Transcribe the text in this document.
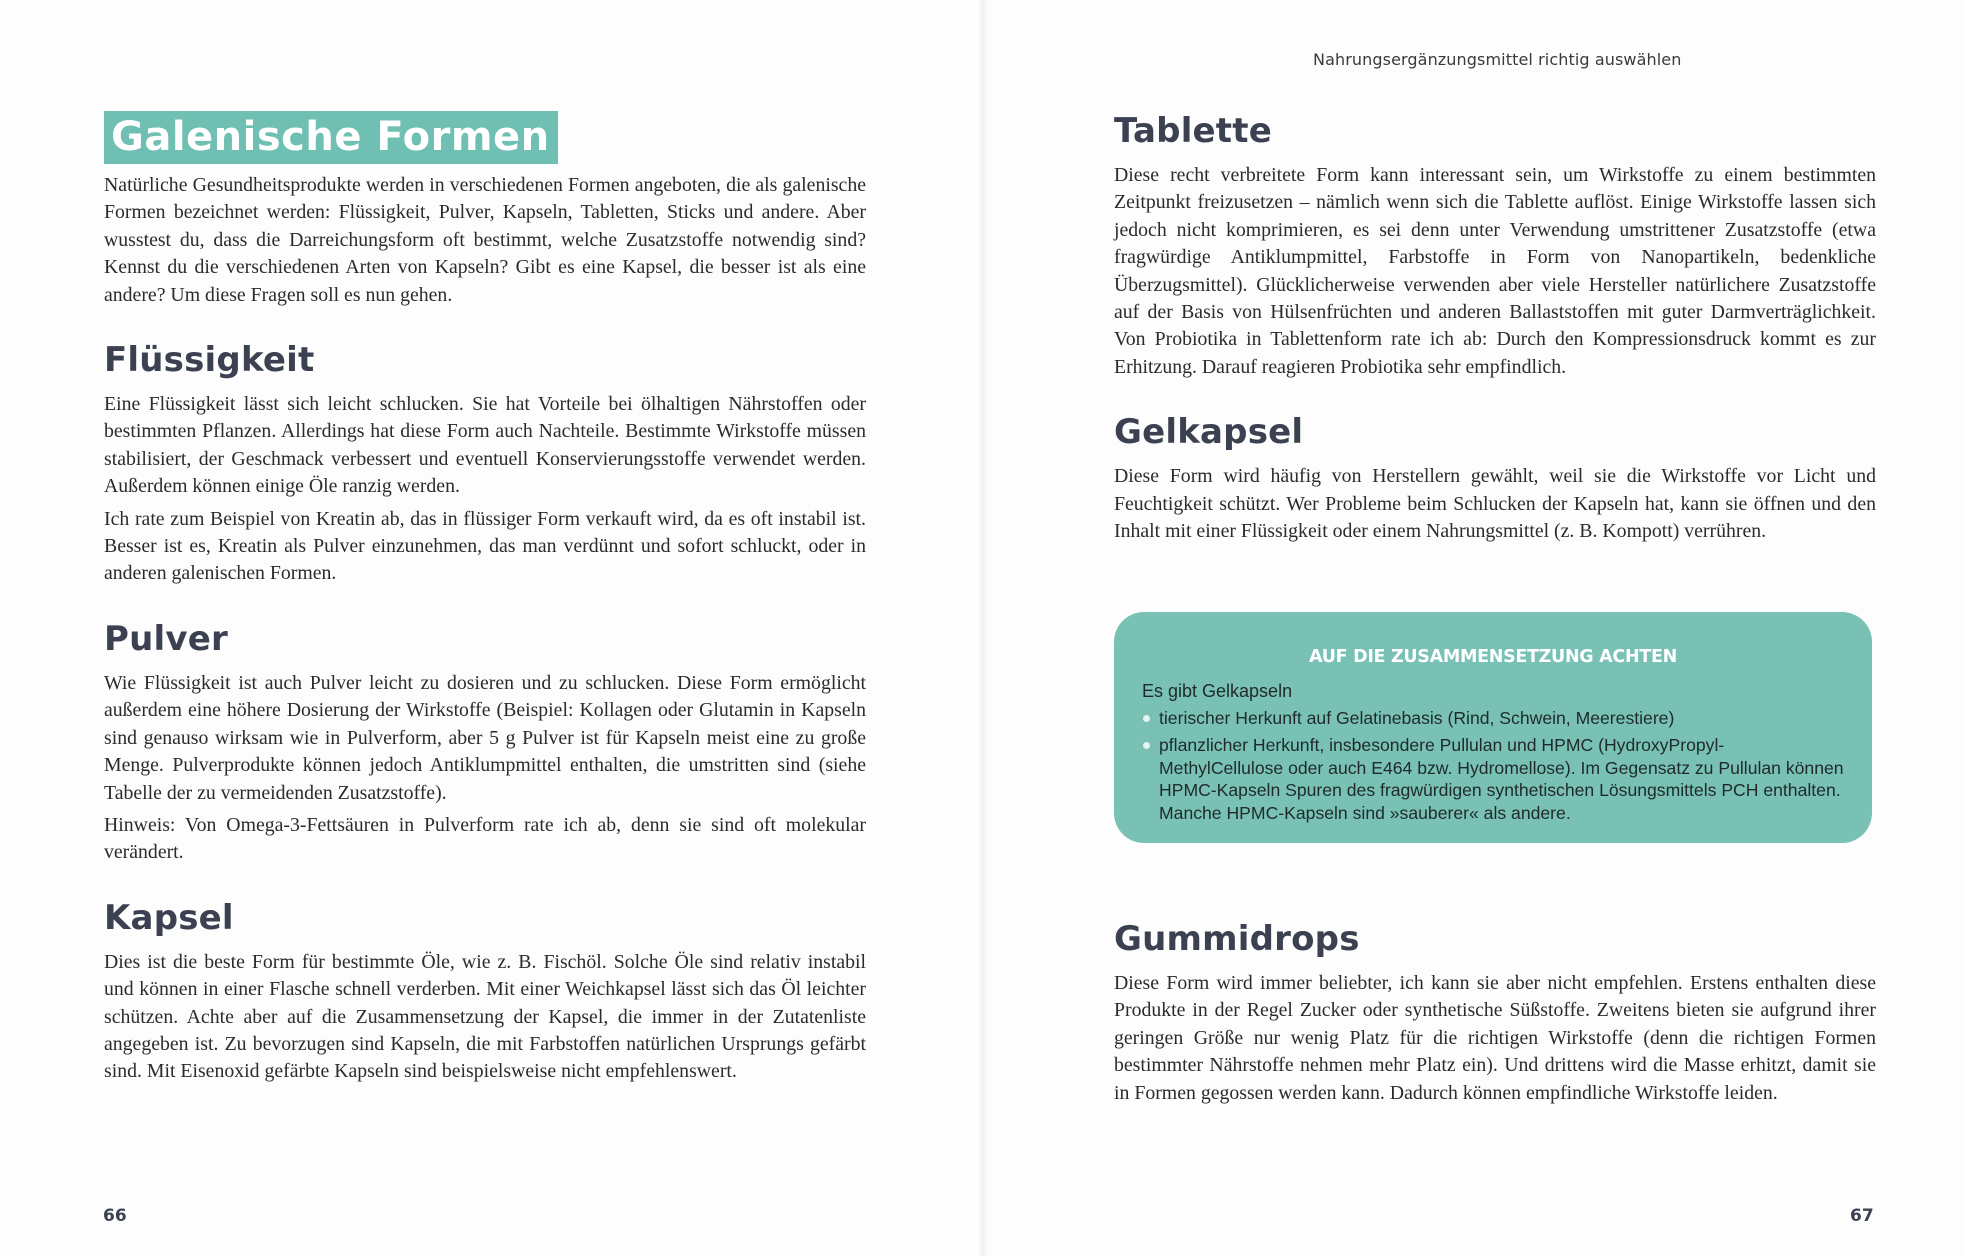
Nahrungsergänzungsmittel richtig auswählen
Galenische Formen

Natürliche Gesundheitsprodukte werden in verschiedenen Formen angeboten, die als galenische Formen bezeichnet werden: Flüssigkeit, Pulver, Kapseln, Tabletten, Sticks und andere. Aber wusstest du, dass die Darreichungsform oft bestimmt, welche Zusatzstoffe notwendig sind? Kennst du die verschiedenen Arten von Kapseln? Gibt es eine Kapsel, die besser ist als eine andere? Um diese Fragen soll es nun gehen.

Flüssigkeit

Eine Flüssigkeit lässt sich leicht schlucken. Sie hat Vorteile bei ölhaltigen Nährstoffen oder bestimmten Pflanzen. Allerdings hat diese Form auch Nachteile. Bestimmte Wirkstoffe müssen stabilisiert, der Geschmack verbessert und eventuell Konservierungsstoffe verwendet werden. Außerdem können einige Öle ranzig werden.

Ich rate zum Beispiel von Kreatin ab, das in flüssiger Form verkauft wird, da es oft instabil ist. Besser ist es, Kreatin als Pulver einzunehmen, das man verdünnt und sofort schluckt, oder in anderen galenischen Formen.

Pulver

Wie Flüssigkeit ist auch Pulver leicht zu dosieren und zu schlucken. Diese Form ermöglicht außerdem eine höhere Dosierung der Wirkstoffe (Beispiel: Kollagen oder Glutamin in Kapseln sind genauso wirksam wie in Pulverform, aber 5 g Pulver ist für Kapseln meist eine zu große Menge. Pulverprodukte können jedoch Antiklumpmittel enthalten, die umstritten sind (siehe Tabelle der zu vermeidenden Zusatzstoffe).

Hinweis: Von Omega-3-Fettsäuren in Pulverform rate ich ab, denn sie sind oft molekular verändert.

Kapsel

Dies ist die beste Form für bestimmte Öle, wie z. B. Fischöl. Solche Öle sind relativ instabil und können in einer Flasche schnell verderben. Mit einer Weichkapsel lässt sich das Öl leichter schützen. Achte aber auf die Zusammensetzung der Kapsel, die immer in der Zutatenliste angegeben ist. Zu bevorzugen sind Kapseln, die mit Farbstoffen natürlichen Ursprungs gefärbt sind. Mit Eisenoxid gefärbte Kapseln sind beispielsweise nicht empfehlenswert.

Tablette

Diese recht verbreitete Form kann interessant sein, um Wirkstoffe zu einem bestimmten Zeitpunkt freizusetzen – nämlich wenn sich die Tablette auflöst. Einige Wirkstoffe lassen sich jedoch nicht komprimieren, es sei denn unter Verwendung umstrittener Zusatzstoffe (etwa fragwürdige Antiklumpmittel, Farbstoffe in Form von Nanopartikeln, bedenkliche Überzugsmittel). Glücklicherweise verwenden aber viele Hersteller natürlichere Zusatzstoffe auf der Basis von Hülsenfrüchten und anderen Ballaststoffen mit guter Darmverträglichkeit. Von Probiotika in Tablettenform rate ich ab: Durch den Kompressionsdruck kommt es zur Erhitzung. Darauf reagieren Probiotika sehr empfindlich.

Gelkapsel

Diese Form wird häufig von Herstellern gewählt, weil sie die Wirkstoffe vor Licht und Feuchtigkeit schützt. Wer Probleme beim Schlucken der Kapseln hat, kann sie öffnen und den Inhalt mit einer Flüssigkeit oder einem Nahrungsmittel (z. B. Kompott) verrühren.

AUF DIE ZUSAMMENSETZUNG ACHTEN
Es gibt Gelkapseln
tierischer Herkunft auf Gelatinebasis (Rind, Schwein, Meerestiere)
pflanzlicher Herkunft, insbesondere Pullulan und HPMC (HydroxyPropyl-MethylCellulose oder auch E464 bzw. Hydromellose). Im Gegensatz zu Pullulan können HPMC-Kapseln Spuren des fragwürdigen synthetischen Lösungsmittels PCH enthalten. Manche HPMC-Kapseln sind »sauberer« als andere.
Gummidrops

Diese Form wird immer beliebter, ich kann sie aber nicht empfehlen. Erstens enthalten diese Produkte in der Regel Zucker oder synthetische Süßstoffe. Zweitens bieten sie aufgrund ihrer geringen Größe nur wenig Platz für die richtigen Wirkstoffe (denn die richtigen Formen bestimmter Nährstoffe nehmen mehr Platz ein). Und drittens wird die Masse erhitzt, damit sie in Formen gegossen werden kann. Dadurch können empfindliche Wirkstoffe leiden.

66	67
